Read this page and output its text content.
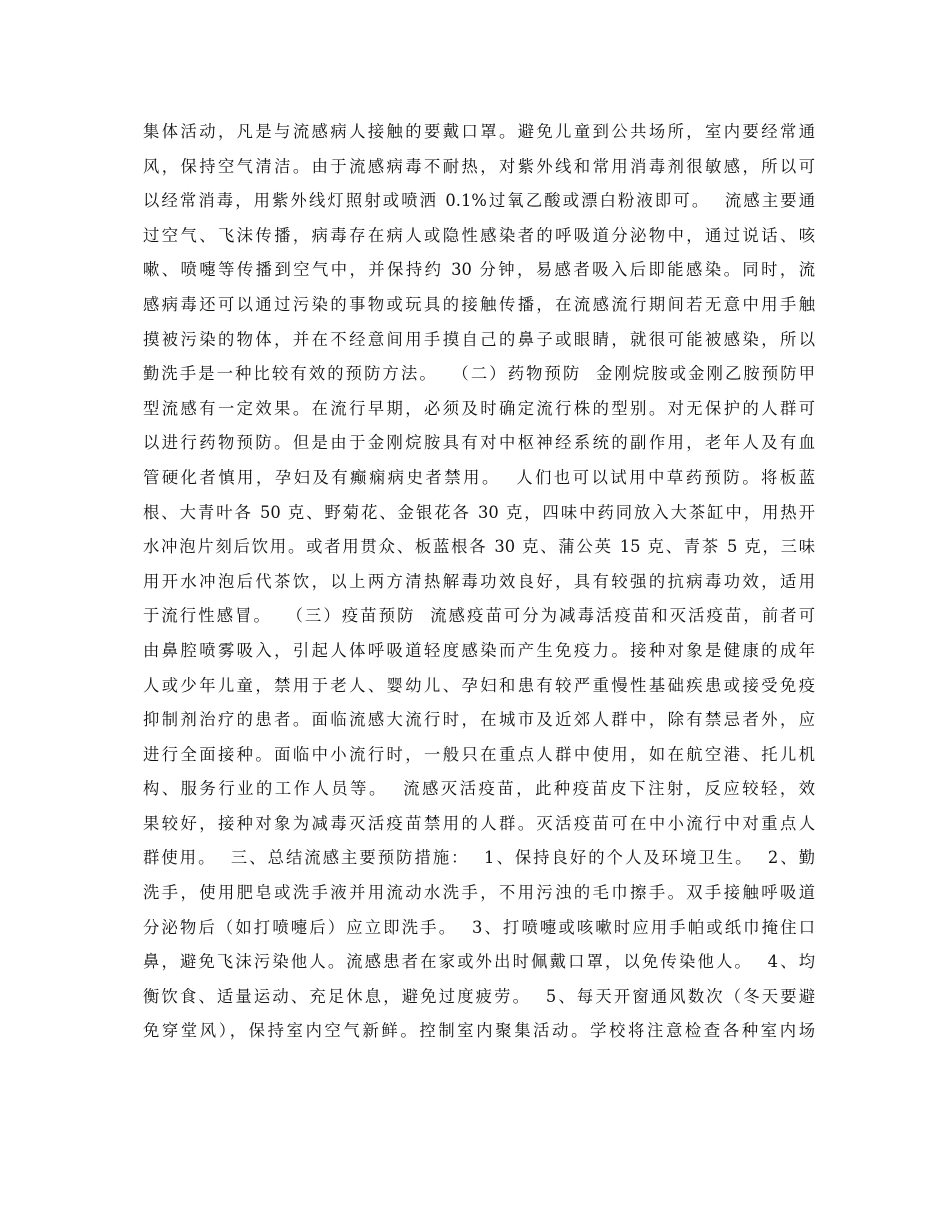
集体活动，凡是与流感病人接触的要戴口罩。避免儿童到公共场所，室内要经常通
风，保持空气清洁。由于流感病毒不耐热，对紫外线和常用消毒剂很敏感，所以可
以经常消毒，用紫外线灯照射或喷洒 0.1%过氧乙酸或漂白粉液即可。  流感主要通
过空气、飞沫传播，病毒存在病人或隐性感染者的呼吸道分泌物中，通过说话、咳
嗽、喷嚏等传播到空气中，并保持约 30 分钟，易感者吸入后即能感染。同时，流
感病毒还可以通过污染的事物或玩具的接触传播，在流感流行期间若无意中用手触
摸被污染的物体，并在不经意间用手摸自己的鼻子或眼睛，就很可能被感染，所以
勤洗手是一种比较有效的预防方法。  （二）药物预防  金刚烷胺或金刚乙胺预防甲
型流感有一定效果。在流行早期，必须及时确定流行株的型别。对无保护的人群可
以进行药物预防。但是由于金刚烷胺具有对中枢神经系统的副作用，老年人及有血
管硬化者慎用，孕妇及有癫痫病史者禁用。  人们也可以试用中草药预防。将板蓝
根、大青叶各 50 克、野菊花、金银花各 30 克，四味中药同放入大茶缸中，用热开
水冲泡片刻后饮用。或者用贯众、板蓝根各 30 克、蒲公英 15 克、青茶 5 克，三味
用开水冲泡后代茶饮，以上两方清热解毒功效良好，具有较强的抗病毒功效，适用
于流行性感冒。  （三）疫苗预防  流感疫苗可分为减毒活疫苗和灭活疫苗，前者可
由鼻腔喷雾吸入，引起人体呼吸道轻度感染而产生免疫力。接种对象是健康的成年
人或少年儿童，禁用于老人、婴幼儿、孕妇和患有较严重慢性基础疾患或接受免疫
抑制剂治疗的患者。面临流感大流行时，在城市及近郊人群中，除有禁忌者外，应
进行全面接种。面临中小流行时，一般只在重点人群中使用，如在航空港、托儿机
构、服务行业的工作人员等。  流感灭活疫苗，此种疫苗皮下注射，反应较轻，效
果较好，接种对象为减毒灭活疫苗禁用的人群。灭活疫苗可在中小流行中对重点人
群使用。  三、总结流感主要预防措施：  1、保持良好的个人及环境卫生。  2、勤
洗手，使用肥皂或洗手液并用流动水洗手，不用污浊的毛巾擦手。双手接触呼吸道
分泌物后（如打喷嚏后）应立即洗手。  3、打喷嚏或咳嗽时应用手帕或纸巾掩住口
鼻，避免飞沫污染他人。流感患者在家或外出时佩戴口罩，以免传染他人。  4、均
衡饮食、适量运动、充足休息，避免过度疲劳。  5、每天开窗通风数次（冬天要避
免穿堂风），保持室内空气新鲜。控制室内聚集活动。学校将注意检查各种室内场
